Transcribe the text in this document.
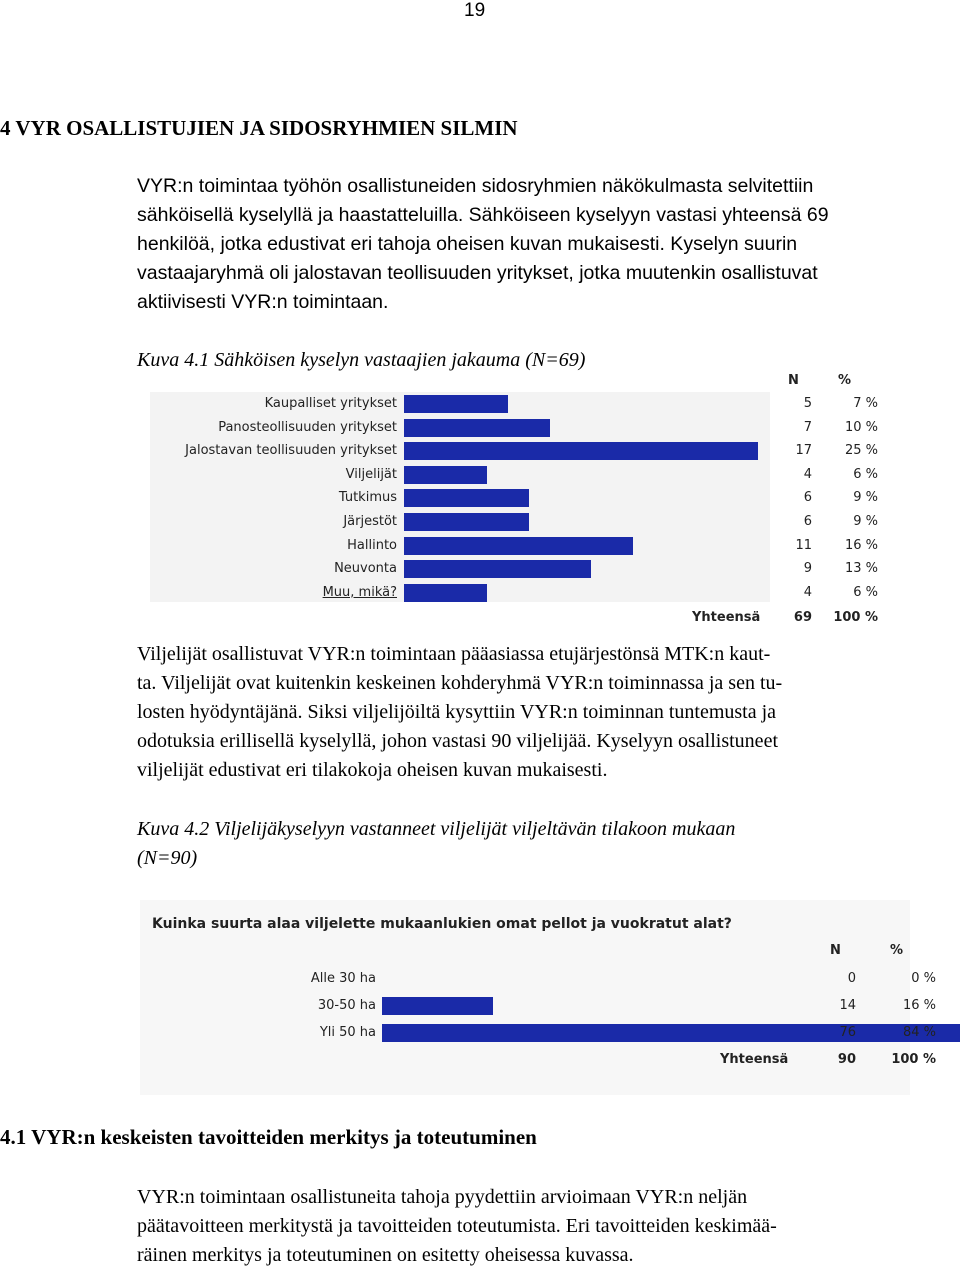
19
4 VYR OSALLISTUJIEN JA SIDOSRYHMIEN SILMIN
VYR:n toimintaa työhön osallistuneiden sidosryhmien näkökulmasta selvitettiin
sähköisellä kyselyllä ja haastatteluilla. Sähköiseen kyselyyn vastasi yhteensä 69
henkilöä, jotka edustivat eri tahoja oheisen kuvan mukaisesti. Kyselyn suurin
vastaajaryhmä oli jalostavan teollisuuden yritykset, jotka muutenkin osallistuvat
aktiivisesti VYR:n toimintaan.
Kuva 4.1 Sähköisen kyselyn vastaajien jakauma (N=69)
N	%
Kaupalliset yritykset	5	7 %
Panosteollisuuden yritykset	7	10 %
Jalostavan teollisuuden yritykset	17	25 %
Viljelijät	4	6 %
Tutkimus	6	9 %
Järjestöt	6	9 %
Hallinto	11	16 %
Neuvonta	9	13 %
Muu, mikä?	4	6 %
Yhteensä	69	100 %
Viljelijät osallistuvat VYR:n toimintaan pääasiassa etujärjestönsä MTK:n kaut-
ta. Viljelijät ovat kuitenkin keskeinen kohderyhmä VYR:n toiminnassa ja sen tu-
losten hyödyntäjänä. Siksi viljelijöiltä kysyttiin VYR:n toiminnan tuntemusta ja
odotuksia erillisellä kyselyllä, johon vastasi 90 viljelijää. Kyselyyn osallistuneet
viljelijät edustivat eri tilakokoja oheisen kuvan mukaisesti.
Kuva 4.2 Viljelijäkyselyyn vastanneet viljelijät viljeltävän tilakoon mukaan
(N=90)
Kuinka suurta alaa viljelette mukaanlukien omat pellot ja vuokratut alat?
N	%
Alle 30 ha	0	0 %
30-50 ha	14	16 %
Yli 50 ha	76	84 %
Yhteensä	90	100 %
4.1 VYR:n keskeisten tavoitteiden merkitys ja toteutuminen
VYR:n toimintaan osallistuneita tahoja pyydettiin arvioimaan VYR:n neljän
päätavoitteen merkitystä ja tavoitteiden toteutumista. Eri tavoitteiden keskimää-
räinen merkitys ja toteutuminen on esitetty oheisessa kuvassa.
